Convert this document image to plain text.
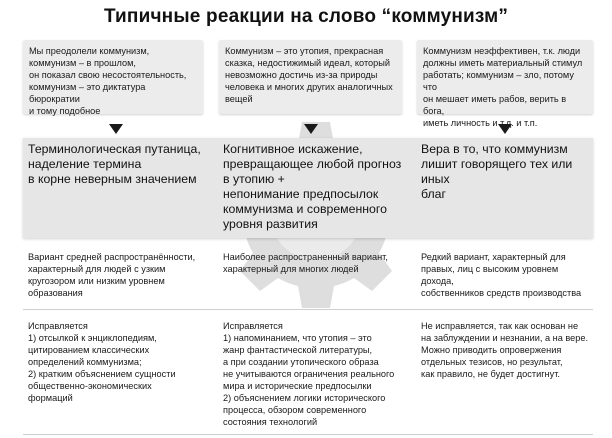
Типичные реакции на слово “коммунизм”
Мы преодолели коммунизм,
коммунизм – в прошлом,
он показал свою несостоятельность,
коммунизм – это диктатура бюрократии
и тому подобное
Коммунизм – это утопия, прекрасная
сказка, недостижимый идеал, который
невозможно достичь из-за природы
человека и многих других аналогичных
вещей
Коммунизм неэффективен, т.к. люди
должны иметь материальный стимул
работать; коммунизм – зло, потому что
он мешает иметь рабов, верить в бога,
иметь личность и т.д. и т.п.
Терминологическая путаница,
наделение термина
в корне неверным значением
Когнитивное искажение,
превращающее любой прогноз
в утопию +
непонимание предпосылок
коммунизма и современного
уровня развития
Вера в то, что коммунизм
лишит говорящего тех или иных
благ
Вариант средней распространённости,
характерный для людей с узким
кругозором или низким уровнем
образования
Наиболее распространенный вариант,
характерный для многих людей
Редкий вариант, характерный для
правых, лиц с высоким уровнем дохода,
собственников средств производства
Исправляется
1) отсылкой к энциклопедиям,
цитированием классических
определений коммунизма;
2) кратким объяснением сущности
общественно-экономических
формаций
Исправляется
1) напоминанием, что утопия – это
жанр фантастической литературы,
а при создании утопического образа
не учитываются ограничения реального
мира и исторические предпосылки
2) объяснением логики исторического
процесса, обзором современного
состояния технологий
Не исправляется, так как основан не
на заблуждении и незнании, а на вере.
Можно приводить опровержения
отдельных тезисов, но результат,
как правило, не будет достигнут.
